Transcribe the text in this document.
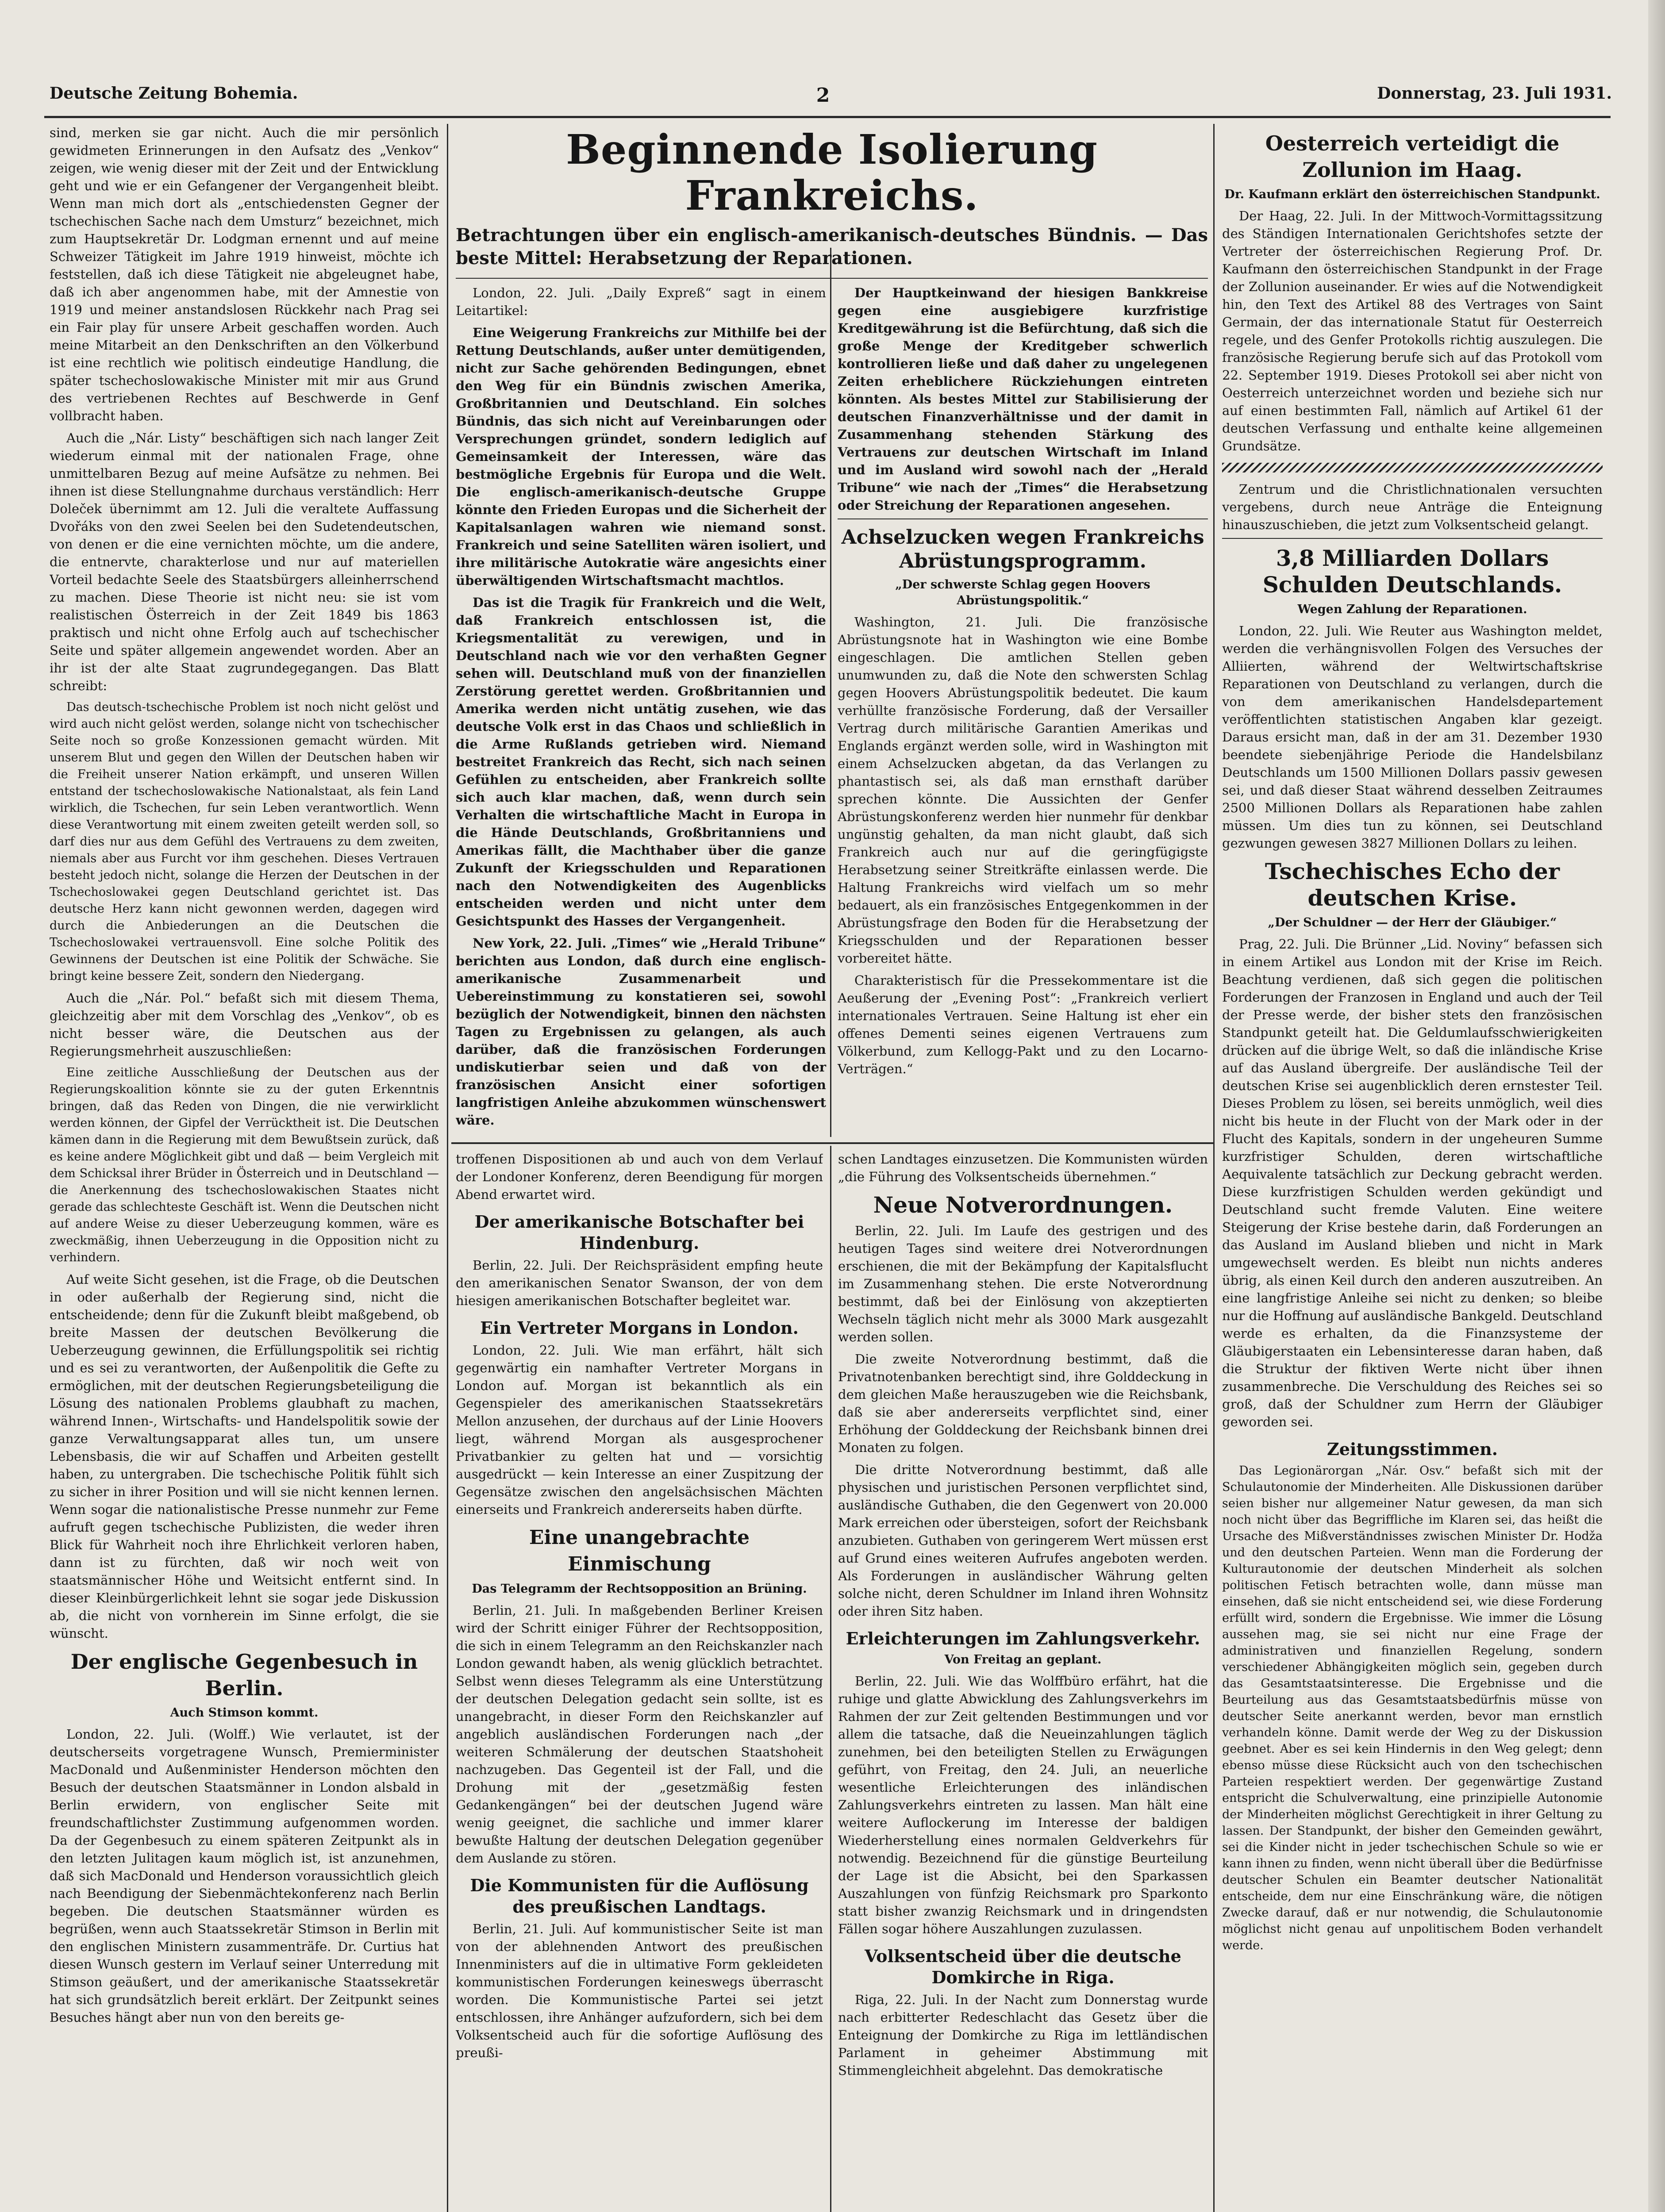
Deutsche Zeitung Bohemia.	2	Donnerstag, 23. Juli 1931.

sind, merken sie gar nicht. Auch die mir persönlich gewidmeten Erinnerungen in den Aufsatz des „Venkov“ zeigen, wie wenig dieser mit der Zeit und der Entwicklung geht und wie er ein Gefangener der Vergangenheit bleibt. Wenn man mich dort als „entschiedensten Gegner der tschechischen Sache nach dem Umsturz“ bezeichnet, mich zum Hauptsekretär Dr. Lodgman ernennt und auf meine Schweizer Tätigkeit im Jahre 1919 hinweist, möchte ich feststellen, daß ich diese Tätigkeit nie abgeleugnet habe, daß ich aber angenommen habe, mit der Amnestie von 1919 und meiner anstandslosen Rückkehr nach Prag sei ein Fair play für unsere Arbeit geschaffen worden. Auch meine Mitarbeit an den Denkschriften an den Völkerbund ist eine rechtlich wie politisch eindeutige Handlung, die später tschechoslowakische Minister mit mir aus Grund des vertriebenen Rechtes auf Beschwerde in Genf vollbracht haben.

Auch die „Nár. Listy“ beschäftigen sich nach langer Zeit wiederum einmal mit der nationalen Frage, ohne unmittelbaren Bezug auf meine Aufsätze zu nehmen. Bei ihnen ist diese Stellungnahme durchaus verständlich: Herr Doleček übernimmt am 12. Juli die veraltete Auffassung Dvořáks von den zwei Seelen bei den Sudetendeutschen, von denen er die eine vernichten möchte, um die andere, die entnervte, charakterlose und nur auf materiellen Vorteil bedachte Seele des Staatsbürgers alleinherrschend zu machen. Diese Theorie ist nicht neu: sie ist vom realistischen Österreich in der Zeit 1849 bis 1863 praktisch und nicht ohne Erfolg auch auf tschechischer Seite und später allgemein angewendet worden. Aber an ihr ist der alte Staat zugrundegegangen. Das Blatt schreibt:

Das deutsch-tschechische Problem ist noch nicht gelöst und wird auch nicht gelöst werden, solange nicht von tschechischer Seite noch so große Konzessionen gemacht würden. Mit unserem Blut und gegen den Willen der Deutschen haben wir die Freiheit unserer Nation erkämpft, und unseren Willen entstand der tschechoslowakische Nationalstaat, als fein Land wirklich, die Tschechen, fur sein Leben verantwortlich. Wenn diese Verantwortung mit einem zweiten geteilt werden soll, so darf dies nur aus dem Gefühl des Vertrauens zu dem zweiten, niemals aber aus Furcht vor ihm geschehen. Dieses Vertrauen besteht jedoch nicht, solange die Herzen der Deutschen in der Tschechoslowakei gegen Deutschland gerichtet ist. Das deutsche Herz kann nicht gewonnen werden, dagegen wird durch die Anbiederungen an die Deutschen die Tschechoslowakei vertrauensvoll. Eine solche Politik des Gewinnens der Deutschen ist eine Politik der Schwäche. Sie bringt keine bessere Zeit, sondern den Niedergang.

Auch die „Nár. Pol.“ befaßt sich mit diesem Thema, gleichzeitig aber mit dem Vorschlag des „Venkov“, ob es nicht besser wäre, die Deutschen aus der Regierungsmehrheit auszuschließen:

Eine zeitliche Ausschließung der Deutschen aus der Regierungskoalition könnte sie zu der guten Erkenntnis bringen, daß das Reden von Dingen, die nie verwirklicht werden können, der Gipfel der Verrücktheit ist. Die Deutschen kämen dann in die Regierung mit dem Bewußtsein zurück, daß es keine andere Möglichkeit gibt und daß — beim Vergleich mit dem Schicksal ihrer Brüder in Österreich und in Deutschland — die Anerkennung des tschechoslowakischen Staates nicht gerade das schlechteste Geschäft ist. Wenn die Deutschen nicht auf andere Weise zu dieser Ueberzeugung kommen, wäre es zweckmäßig, ihnen Ueberzeugung in die Opposition nicht zu verhindern.

Auf weite Sicht gesehen, ist die Frage, ob die Deutschen in oder außerhalb der Regierung sind, nicht die entscheidende; denn für die Zukunft bleibt maßgebend, ob breite Massen der deutschen Bevölkerung die Ueberzeugung gewinnen, die Erfüllungspolitik sei richtig und es sei zu verantworten, der Außenpolitik die Gefte zu ermöglichen, mit der deutschen Regierungsbeteiligung die Lösung des nationalen Problems glaubhaft zu machen, während Innen-, Wirtschafts- und Handelspolitik sowie der ganze Verwaltungsapparat alles tun, um unsere Lebensbasis, die wir auf Schaffen und Arbeiten gestellt haben, zu untergraben. Die tschechische Politik fühlt sich zu sicher in ihrer Position und will sie nicht kennen lernen. Wenn sogar die nationalistische Presse nunmehr zur Feme aufruft gegen tschechische Publizisten, die weder ihren Blick für Wahrheit noch ihre Ehrlichkeit verloren haben, dann ist zu fürchten, daß wir noch weit von staatsmännischer Höhe und Weitsicht entfernt sind. In dieser Kleinbürgerlichkeit lehnt sie sogar jede Diskussion ab, die nicht von vornherein im Sinne erfolgt, die sie wünscht.

Der englische Gegenbesuch in Berlin.
Auch Stimson kommt.

London, 22. Juli. (Wolff.) Wie verlautet, ist der deutscherseits vorgetragene Wunsch, Premierminister MacDonald und Außenminister Henderson möchten den Besuch der deutschen Staatsmänner in London alsbald in Berlin erwidern, von englischer Seite mit freundschaftlichster Zustimmung aufgenommen worden. Da der Gegenbesuch zu einem späteren Zeitpunkt als in den letzten Julitagen kaum möglich ist, ist anzunehmen, daß sich MacDonald und Henderson voraussichtlich gleich nach Beendigung der Siebenmächtekonferenz nach Berlin begeben. Die deutschen Staatsmänner würden es begrüßen, wenn auch Staatssekretär Stimson in Berlin mit den englischen Ministern zusammenträfe. Dr. Curtius hat diesen Wunsch gestern im Verlauf seiner Unterredung mit Stimson geäußert, und der amerikanische Staatssekretär hat sich grundsätzlich bereit erklärt. Der Zeitpunkt seines Besuches hängt aber nun von den bereits ge-

Beginnende Isolierung Frankreichs.
Betrachtungen über ein englisch-amerikanisch-deutsches Bündnis. — Das beste Mittel: Herabsetzung der Reparationen.

London, 22. Juli. „Daily Expreß“ sagt in einem Leitartikel:

Eine Weigerung Frankreichs zur Mithilfe bei der Rettung Deutschlands, außer unter demütigenden, nicht zur Sache gehörenden Bedingungen, ebnet den Weg für ein Bündnis zwischen Amerika, Großbritannien und Deutschland. Ein solches Bündnis, das sich nicht auf Vereinbarungen oder Versprechungen gründet, sondern lediglich auf Gemeinsamkeit der Interessen, wäre das bestmögliche Ergebnis für Europa und die Welt. Die englisch-amerikanisch-deutsche Gruppe könnte den Frieden Europas und die Sicherheit der Kapitalsanlagen wahren wie niemand sonst. Frankreich und seine Satelliten wären isoliert, und ihre militärische Autokratie wäre angesichts einer überwältigenden Wirtschaftsmacht machtlos.

Das ist die Tragik für Frankreich und die Welt, daß Frankreich entschlossen ist, die Kriegsmentalität zu verewigen, und in Deutschland nach wie vor den verhaßten Gegner sehen will. Deutschland muß von der finanziellen Zerstörung gerettet werden. Großbritannien und Amerika werden nicht untätig zusehen, wie das deutsche Volk erst in das Chaos und schließlich in die Arme Rußlands getrieben wird. Niemand bestreitet Frankreich das Recht, sich nach seinen Gefühlen zu entscheiden, aber Frankreich sollte sich auch klar machen, daß, wenn durch sein Verhalten die wirtschaftliche Macht in Europa in die Hände Deutschlands, Großbritanniens und Amerikas fällt, die Machthaber über die ganze Zukunft der Kriegsschulden und Reparationen nach den Notwendigkeiten des Augenblicks entscheiden werden und nicht unter dem Gesichtspunkt des Hasses der Vergangenheit.

New York, 22. Juli. „Times“ wie „Herald Tribune“ berichten aus London, daß durch eine englisch-amerikanische Zusammenarbeit und Uebereinstimmung zu konstatieren sei, sowohl bezüglich der Notwendigkeit, binnen den nächsten Tagen zu Ergebnissen zu gelangen, als auch darüber, daß die französischen Forderungen undiskutierbar seien und daß von der französischen Ansicht einer sofortigen langfristigen Anleihe abzukommen wünschenswert wäre.

Der Hauptkeinwand der hiesigen Bankkreise gegen eine ausgiebigere kurzfristige Kreditgewährung ist die Befürchtung, daß sich die große Menge der Kreditgeber schwerlich kontrollieren ließe und daß daher zu ungelegenen Zeiten erheblichere Rückziehungen eintreten könnten. Als bestes Mittel zur Stabilisierung der deutschen Finanzverhältnisse und der damit in Zusammenhang stehenden Stärkung des Vertrauens zur deutschen Wirtschaft im Inland und im Ausland wird sowohl nach der „Herald Tribune“ wie nach der „Times“ die Herabsetzung oder Streichung der Reparationen angesehen.

Achselzucken wegen Frankreichs Abrüstungsprogramm.
„Der schwerste Schlag gegen Hoovers Abrüstungspolitik.“

Washington, 21. Juli. Die französische Abrüstungsnote hat in Washington wie eine Bombe eingeschlagen. Die amtlichen Stellen geben unumwunden zu, daß die Note den schwersten Schlag gegen Hoovers Abrüstungspolitik bedeutet. Die kaum verhüllte französische Forderung, daß der Versailler Vertrag durch militärische Garantien Amerikas und Englands ergänzt werden solle, wird in Washington mit einem Achselzucken abgetan, da das Verlangen zu phantastisch sei, als daß man ernsthaft darüber sprechen könnte. Die Aussichten der Genfer Abrüstungskonferenz werden hier nunmehr für denkbar ungünstig gehalten, da man nicht glaubt, daß sich Frankreich auch nur auf die geringfügigste Herabsetzung seiner Streitkräfte einlassen werde. Die Haltung Frankreichs wird vielfach um so mehr bedauert, als ein französisches Entgegenkommen in der Abrüstungsfrage den Boden für die Herabsetzung der Kriegsschulden und der Reparationen besser vorbereitet hätte.

Charakteristisch für die Pressekommentare ist die Aeußerung der „Evening Post“: „Frankreich verliert internationales Vertrauen. Seine Haltung ist eher ein offenes Dementi seines eigenen Vertrauens zum Völkerbund, zum Kellogg-Pakt und zu den Locarno-Verträgen.“

troffenen Dispositionen ab und auch von dem Verlauf der Londoner Konferenz, deren Beendigung für morgen Abend erwartet wird.

Der amerikanische Botschafter bei Hindenburg.

Berlin, 22. Juli. Der Reichspräsident empfing heute den amerikanischen Senator Swanson, der von dem hiesigen amerikanischen Botschafter begleitet war.

Ein Vertreter Morgans in London.

London, 22. Juli. Wie man erfährt, hält sich gegenwärtig ein namhafter Vertreter Morgans in London auf. Morgan ist bekanntlich als ein Gegenspieler des amerikanischen Staatssekretärs Mellon anzusehen, der durchaus auf der Linie Hoovers liegt, während Morgan als ausgesprochener Privatbankier zu gelten hat und — vorsichtig ausgedrückt — kein Interesse an einer Zuspitzung der Gegensätze zwischen den angelsächsischen Mächten einerseits und Frankreich andererseits haben dürfte.

Eine unangebrachte Einmischung
Das Telegramm der Rechtsopposition an Brüning.

Berlin, 21. Juli. In maßgebenden Berliner Kreisen wird der Schritt einiger Führer der Rechtsopposition, die sich in einem Telegramm an den Reichskanzler nach London gewandt haben, als wenig glücklich betrachtet. Selbst wenn dieses Telegramm als eine Unterstützung der deutschen Delegation gedacht sein sollte, ist es unangebracht, in dieser Form den Reichskanzler auf angeblich ausländischen Forderungen nach „der weiteren Schmälerung der deutschen Staatshoheit nachzugeben. Das Gegenteil ist der Fall, und die Drohung mit der „gesetzmäßig festen Gedankengängen“ bei der deutschen Jugend wäre wenig geeignet, die sachliche und immer klarer bewußte Haltung der deutschen Delegation gegenüber dem Auslande zu stören.

Die Kommunisten für die Auflösung des preußischen Landtags.

Berlin, 21. Juli. Auf kommunistischer Seite ist man von der ablehnenden Antwort des preußischen Innenministers auf die in ultimative Form gekleideten kommunistischen Forderungen keineswegs überrascht worden. Die Kommunistische Partei sei jetzt entschlossen, ihre Anhänger aufzufordern, sich bei dem Volksentscheid auch für die sofortige Auflösung des preußi-

schen Landtages einzusetzen. Die Kommunisten würden „die Führung des Volksentscheids übernehmen.“

Neue Notverordnungen.

Berlin, 22. Juli. Im Laufe des gestrigen und des heutigen Tages sind weitere drei Notverordnungen erschienen, die mit der Bekämpfung der Kapitalsflucht im Zusammenhang stehen. Die erste Notverordnung bestimmt, daß bei der Einlösung von akzeptierten Wechseln täglich nicht mehr als 3000 Mark ausgezahlt werden sollen.

Die zweite Notverordnung bestimmt, daß die Privatnotenbanken berechtigt sind, ihre Golddeckung in dem gleichen Maße herauszugeben wie die Reichsbank, daß sie aber andererseits verpflichtet sind, einer Erhöhung der Golddeckung der Reichsbank binnen drei Monaten zu folgen.

Die dritte Notverordnung bestimmt, daß alle physischen und juristischen Personen verpflichtet sind, ausländische Guthaben, die den Gegenwert von 20.000 Mark erreichen oder übersteigen, sofort der Reichsbank anzubieten. Guthaben von geringerem Wert müssen erst auf Grund eines weiteren Aufrufes angeboten werden. Als Forderungen in ausländischer Währung gelten solche nicht, deren Schuldner im Inland ihren Wohnsitz oder ihren Sitz haben.

Erleichterungen im Zahlungsverkehr.
Von Freitag an geplant.

Berlin, 22. Juli. Wie das Wolffbüro erfährt, hat die ruhige und glatte Abwicklung des Zahlungsverkehrs im Rahmen der zur Zeit geltenden Bestimmungen und vor allem die tatsache, daß die Neueinzahlungen täglich zunehmen, bei den beteiligten Stellen zu Erwägungen geführt, von Freitag, den 24. Juli, an neuerliche wesentliche Erleichterungen des inländischen Zahlungsverkehrs eintreten zu lassen. Man hält eine weitere Auflockerung im Interesse der baldigen Wiederherstellung eines normalen Geldverkehrs für notwendig. Bezeichnend für die günstige Beurteilung der Lage ist die Absicht, bei den Sparkassen Auszahlungen von fünfzig Reichsmark pro Sparkonto statt bisher zwanzig Reichsmark und in dringendsten Fällen sogar höhere Auszahlungen zuzulassen.

Volksentscheid über die deutsche Domkirche in Riga.

Riga, 22. Juli. In der Nacht zum Donnerstag wurde nach erbitterter Redeschlacht das Gesetz über die Enteignung der Domkirche zu Riga im lettländischen Parlament in geheimer Abstimmung mit Stimmengleichheit abgelehnt. Das demokratische

Oesterreich verteidigt die Zollunion im Haag.
Dr. Kaufmann erklärt den österreichischen Standpunkt.

Der Haag, 22. Juli. In der Mittwoch-Vormittagssitzung des Ständigen Internationalen Gerichtshofes setzte der Vertreter der österreichischen Regierung Prof. Dr. Kaufmann den österreichischen Standpunkt in der Frage der Zollunion auseinander. Er wies auf die Notwendigkeit hin, den Text des Artikel 88 des Vertrages von Saint Germain, der das internationale Statut für Oesterreich regele, und des Genfer Protokolls richtig auszulegen. Die französische Regierung berufe sich auf das Protokoll vom 22. September 1919. Dieses Protokoll sei aber nicht von Oesterreich unterzeichnet worden und beziehe sich nur auf einen bestimmten Fall, nämlich auf Artikel 61 der deutschen Verfassung und enthalte keine allgemeinen Grundsätze.

Zentrum und die Christlichnationalen versuchten vergebens, durch neue Anträge die Enteignung hinauszuschieben, die jetzt zum Volksentscheid gelangt.

3,8 Milliarden Dollars Schulden Deutschlands.
Wegen Zahlung der Reparationen.

London, 22. Juli. Wie Reuter aus Washington meldet, werden die verhängnisvollen Folgen des Versuches der Alliierten, während der Weltwirtschaftskrise Reparationen von Deutschland zu verlangen, durch die von dem amerikanischen Handelsdepartement veröffentlichten statistischen Angaben klar gezeigt. Daraus ersicht man, daß in der am 31. Dezember 1930 beendete siebenjährige Periode die Handelsbilanz Deutschlands um 1500 Millionen Dollars passiv gewesen sei, und daß dieser Staat während desselben Zeitraumes 2500 Millionen Dollars als Reparationen habe zahlen müssen. Um dies tun zu können, sei Deutschland gezwungen gewesen 3827 Millionen Dollars zu leihen.

Tschechisches Echo der deutschen Krise.
„Der Schuldner — der Herr der Gläubiger.“

Prag, 22. Juli. Die Brünner „Lid. Noviny“ befassen sich in einem Artikel aus London mit der Krise im Reich. Beachtung verdienen, daß sich gegen die politischen Forderungen der Franzosen in England und auch der Teil der Presse werde, der bisher stets den französischen Standpunkt geteilt hat. Die Geldumlaufsschwierigkeiten drücken auf die übrige Welt, so daß die inländische Krise auf das Ausland übergreife. Der ausländische Teil der deutschen Krise sei augenblicklich deren ernstester Teil. Dieses Problem zu lösen, sei bereits unmöglich, weil dies nicht bis heute in der Flucht von der Mark oder in der Flucht des Kapitals, sondern in der ungeheuren Summe kurzfristiger Schulden, deren wirtschaftliche Aequivalente tatsächlich zur Deckung gebracht werden. Diese kurzfristigen Schulden werden gekündigt und Deutschland sucht fremde Valuten. Eine weitere Steigerung der Krise bestehe darin, daß Forderungen an das Ausland im Ausland blieben und nicht in Mark umgewechselt werden. Es bleibt nun nichts anderes übrig, als einen Keil durch den anderen auszutreiben. An eine langfristige Anleihe sei nicht zu denken; so bleibe nur die Hoffnung auf ausländische Bankgeld. Deutschland werde es erhalten, da die Finanzsysteme der Gläubigerstaaten ein Lebensinteresse daran haben, daß die Struktur der fiktiven Werte nicht über ihnen zusammenbreche. Die Verschuldung des Reiches sei so groß, daß der Schuldner zum Herrn der Gläubiger geworden sei.

Zeitungsstimmen.

Das Legionärorgan „Nár. Osv.“ befaßt sich mit der Schulautonomie der Minderheiten. Alle Diskussionen darüber seien bisher nur allgemeiner Natur gewesen, da man sich noch nicht über das Begriffliche im Klaren sei, das heißt die Ursache des Mißverständnisses zwischen Minister Dr. Hodža und den deutschen Parteien. Wenn man die Forderung der Kulturautonomie der deutschen Minderheit als solchen politischen Fetisch betrachten wolle, dann müsse man einsehen, daß sie nicht entscheidend sei, wie diese Forderung erfüllt wird, sondern die Ergebnisse. Wie immer die Lösung aussehen mag, sie sei nicht nur eine Frage der administrativen und finanziellen Regelung, sondern verschiedener Abhängigkeiten möglich sein, gegeben durch das Gesamtstaatsinteresse. Die Ergebnisse und die Beurteilung aus das Gesamtstaatsbedürfnis müsse von deutscher Seite anerkannt werden, bevor man ernstlich verhandeln könne. Damit werde der Weg zu der Diskussion geebnet. Aber es sei kein Hindernis in den Weg gelegt; denn ebenso müsse diese Rücksicht auch von den tschechischen Parteien respektiert werden. Der gegenwärtige Zustand entspricht die Schulverwaltung, eine prinzipielle Autonomie der Minderheiten möglichst Gerechtigkeit in ihrer Geltung zu lassen. Der Standpunkt, der bisher den Gemeinden gewährt, sei die Kinder nicht in jeder tschechischen Schule so wie er kann ihnen zu finden, wenn nicht überall über die Bedürfnisse deutscher Schulen ein Beamter deutscher Nationalität entscheide, dem nur eine Einschränkung wäre, die nötigen Zwecke darauf, daß er nur notwendig, die Schulautonomie möglichst nicht genau auf unpolitischem Boden verhandelt werde.
